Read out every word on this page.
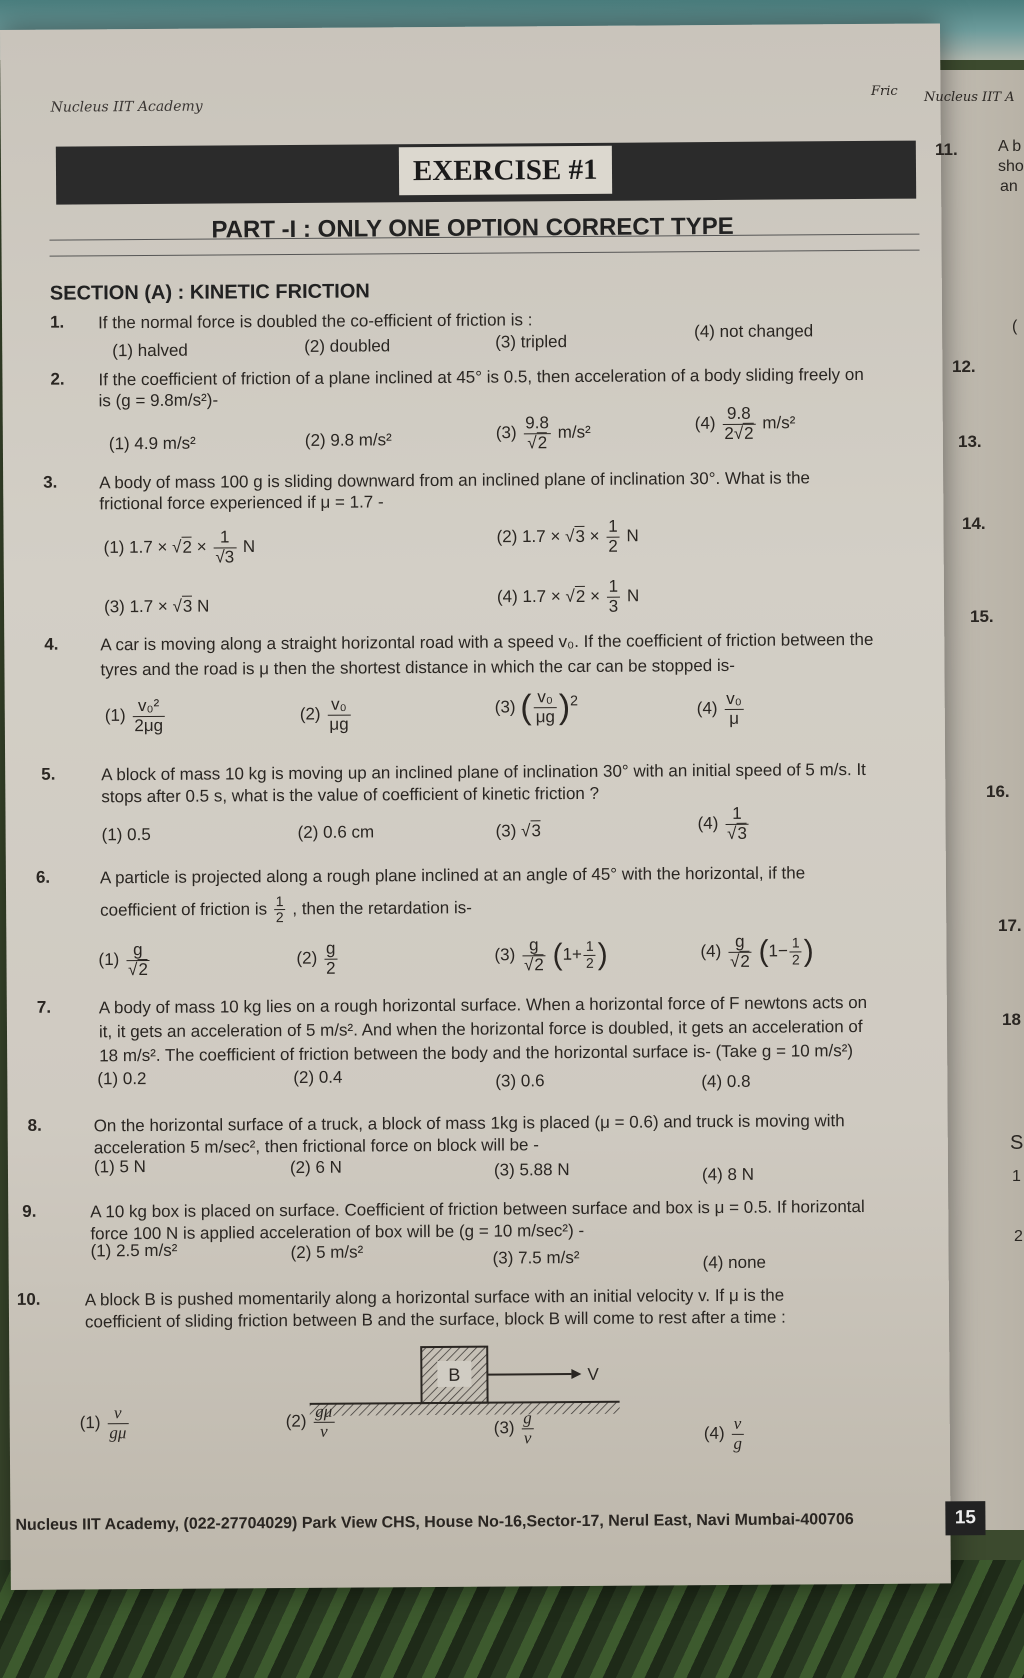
Nucleus IIT Academy
EXERCISE #1
PART -I : ONLY ONE OPTION CORRECT TYPE
SECTION (A) : KINETIC FRICTION
1.	If the normal force is doubled the co-efficient of friction is :
(1) halved	(2) doubled	(3) tripled
(4) not changed
2.	If the coefficient of friction of a plane inclined at 45° is 0.5, then acceleration of a body sliding freely on
is (g = 9.8m/s²)-
(1) 4.9 m/s²	(2) 9.8 m/s²	$(3) \frac{9.8}{√2} m/s^2$	$(4) \frac{9.8}{2√2} m/s^2$
3.	A body of mass 100 g is sliding downward from an inclined plane of inclination 30°. What is the
frictional force experienced if μ = 1.7 -
(1) $1.7 \times √2 \times \frac{1}{√3}$ N
(2) $1.7 \times √3 \times \frac{1}{2}$ N
(3) 1.7 × √3 N	(4) $1.7 \times √2 \times \frac{1}{3}$ N
4.	A car is moving along a straight horizontal road with a speed v₀. If the coefficient of friction between the
tyres and the road is μ then the shortest distance in which the car can be stopped is-
$(1) \frac{\text{v₀²}}{2\mu g}$	$(2) \frac{\text{v₀}}{\mu g}$	(3) ( $\frac{\text{v₀}}{\mu g} )^2$	$(4) \frac{\text{v₀}}{\mu}$
5.	A block of mass 10 kg is moving up an inclined plane of inclination 30° with an initial speed of 5 m/s. It
stops after 0.5 s, what is the value of coefficient of kinetic friction ?
(1) 0.5	(2) 0.6 cm	(3) √3	$(4) \frac{1}{√3}$
6.	A particle is projected along a rough plane inclined at an angle of 45° with the horizontal, if the
coefficient of friction is $\frac{1}{2}$ , then the retardation is-
$(1) \frac{g}{√2}$	$(2) \frac{g}{2}$	$(3) \frac{g}{√2} (1+ \frac{1}{2}$ )	$(4) \frac{g}{√2} (1- \frac{1}{2}$ )
7.	A body of mass 10 kg lies on a rough horizontal surface. When a horizontal force of F newtons acts on
it, it gets an acceleration of 5 m/s². And when the horizontal force is doubled, it gets an acceleration of
18 m/s². The coefficient of friction between the body and the horizontal surface is- (Take g = 10 m/s²)
(1) 0.2	(2) 0.4	(3) 0.6	(4) 0.8
8.	On the horizontal surface of a truck, a block of mass 1kg is placed (μ = 0.6) and truck is moving with
acceleration 5 m/sec², then frictional force on block will be -
(1) 5 N	(2) 6 N	(3) 5.88 N	(4) 8 N
9.	A 10 kg box is placed on surface. Coefficient of friction between surface and box is μ = 0.5. If horizontal
force 100 N is applied acceleration of box will be (g = 10 m/sec²) -
(1) 2.5 m/s²	(2) 5 m/s²	(3) 7.5 m/s²	(4) none
10.	A block B is pushed momentarily along a horizontal surface with an initial velocity v. If μ is the
coefficient of sliding friction between B and the surface, block B will come to rest after a time :
B	V
$(1) \frac{v}{g\mu}$	$(2) \frac{g\mu}{v}$	$(3) \frac{g}{v}$	$(4) \frac{v}{g}$
Nucleus IIT Academy, (022-27704029) Park View CHS, House No-16,Sector-17, Nerul East, Navi Mumbai-400706	15
Fric Nucleus IIT A
11.	A b
sho
an
(
12.
13.
14.
15.
16.
17.
18
S
1
2
